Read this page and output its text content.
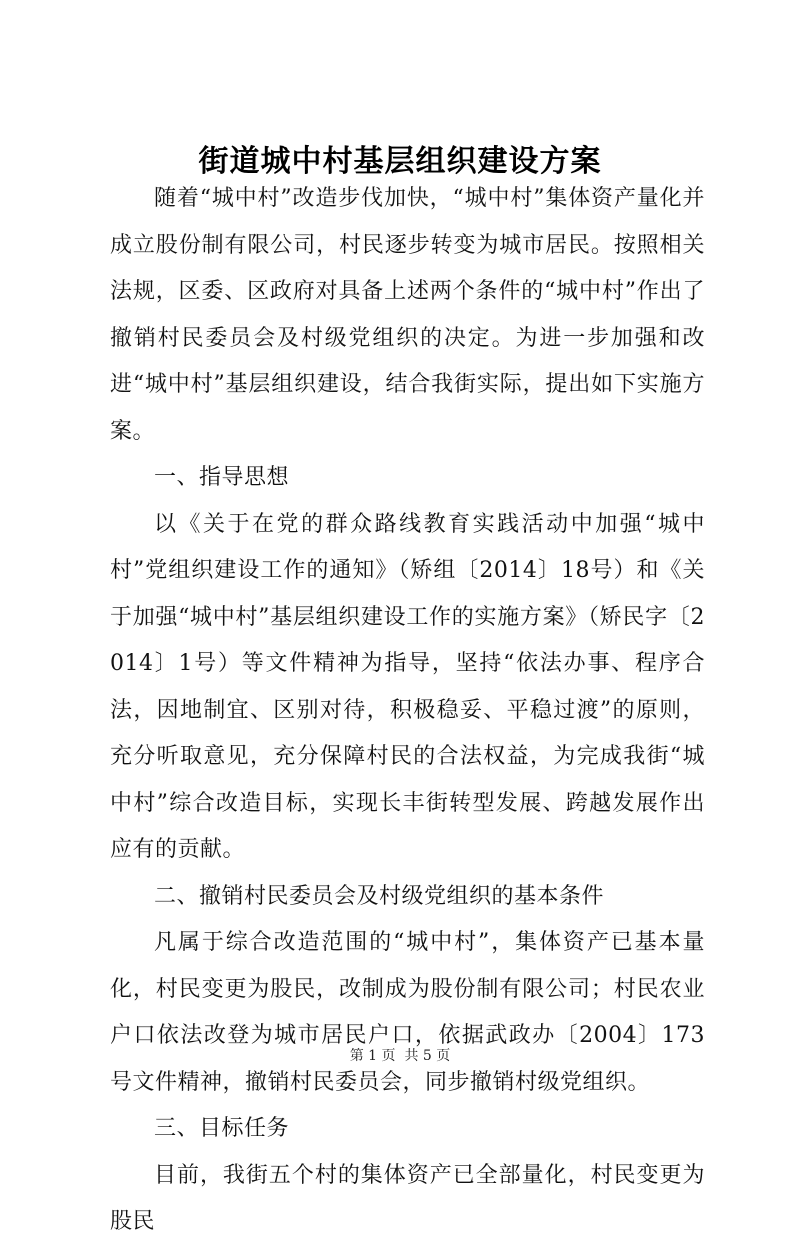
街道城中村基层组织建设方案

随着“城中村”改造步伐加快，“城中村”集体资产量化并成立股份制有限公司，村民逐步转变为城市居民。按照相关法规，区委、区政府对具备上述两个条件的“城中村”作出了撤销村民委员会及村级党组织的决定。为进一步加强和改进“城中村”基层组织建设，结合我街实际，提出如下实施方案。

一、指导思想

以《关于在党的群众路线教育实践活动中加强“城中村”党组织建设工作的通知》（矫组〔2014〕18号）和《关于加强“城中村”基层组织建设工作的实施方案》（矫民字〔2014〕1号）等文件精神为指导，坚持“依法办事、程序合法，因地制宜、区别对待，积极稳妥、平稳过渡”的原则，充分听取意见，充分保障村民的合法权益，为完成我街“城中村”综合改造目标，实现长丰街转型发展、跨越发展作出应有的贡献。

二、撤销村民委员会及村级党组织的基本条件

凡属于综合改造范围的“城中村”，集体资产已基本量化，村民变更为股民，改制成为股份制有限公司；村民农业户口依法改登为城市居民户口，依据武政办〔2004〕173号文件精神，撤销村民委员会，同步撤销村级党组织。

三、目标任务

目前，我街五个村的集体资产已全部量化，村民变更为股民

第 1 页  共 5 页
